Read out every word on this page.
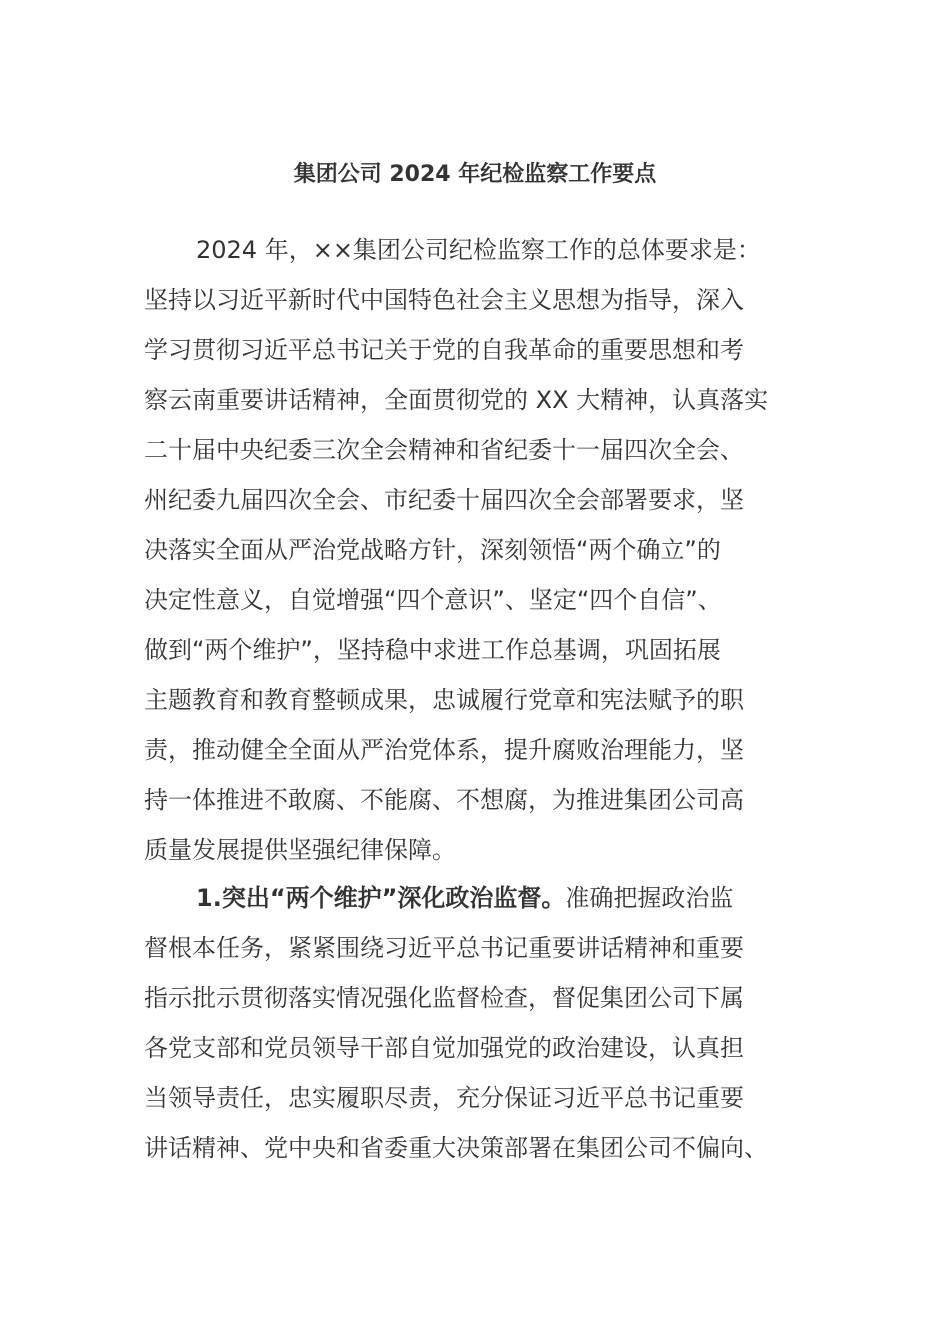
集团公司 2024 年纪检监察工作要点

2024 年，××集团公司纪检监察工作的总体要求是：

坚持以习近平新时代中国特色社会主义思想为指导，深入

学习贯彻习近平总书记关于党的自我革命的重要思想和考

察云南重要讲话精神，全面贯彻党的 XX 大精神，认真落实

二十届中央纪委三次全会精神和省纪委十一届四次全会、

州纪委九届四次全会、市纪委十届四次全会部署要求，坚

决落实全面从严治党战略方针，深刻领悟“两个确立”的

决定性意义，自觉增强“四个意识”、坚定“四个自信”、

做到“两个维护”，坚持稳中求进工作总基调，巩固拓展

主题教育和教育整顿成果，忠诚履行党章和宪法赋予的职

责，推动健全全面从严治党体系，提升腐败治理能力，坚

持一体推进不敢腐、不能腐、不想腐，为推进集团公司高

质量发展提供坚强纪律保障。

1.突出“两个维护”深化政治监督。准确把握政治监

督根本任务，紧紧围绕习近平总书记重要讲话精神和重要

指示批示贯彻落实情况强化监督检查，督促集团公司下属

各党支部和党员领导干部自觉加强党的政治建设，认真担

当领导责任，忠实履职尽责，充分保证习近平总书记重要

讲话精神、党中央和省委重大决策部署在集团公司不偏向、
